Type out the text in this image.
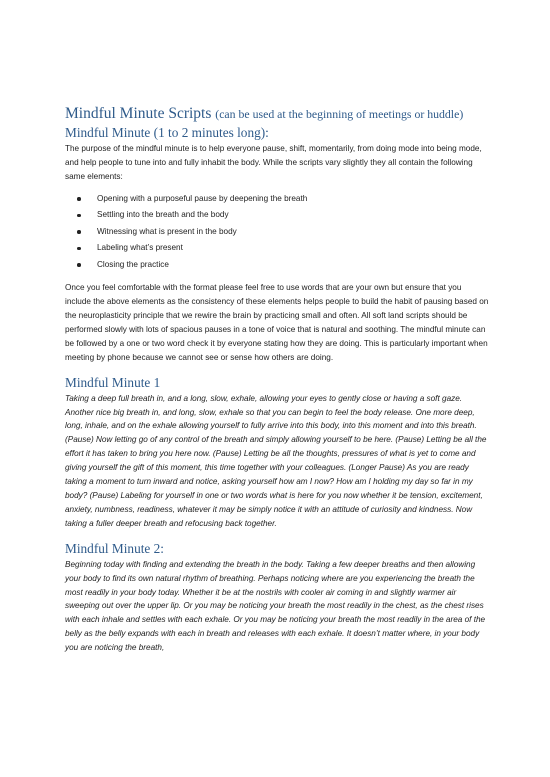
Mindful Minute Scripts (can be used at the beginning of meetings or huddle)
Mindful Minute (1 to 2 minutes long):

The purpose of the mindful minute is to help everyone pause, shift, momentarily, from doing mode into being mode, and help people to tune into and fully inhabit the body. While the scripts vary slightly they all contain the following same elements:

Opening with a purposeful pause by deepening the breath
Settling into the breath and the body
Witnessing what is present in the body
Labeling what’s present
Closing the practice

Once you feel comfortable with the format please feel free to use words that are your own but ensure that you include the above elements as the consistency of these elements helps people to build the habit of pausing based on the neuroplasticity principle that we rewire the brain by practicing small and often. All soft land scripts should be performed slowly with lots of spacious pauses in a tone of voice that is natural and soothing. The mindful minute can be followed by a one or two word check it by everyone stating how they are doing. This is particularly important when meeting by phone because we cannot see or sense how others are doing.

Mindful Minute 1

Taking a deep full breath in, and a long, slow, exhale, allowing your eyes to gently close or having a soft gaze. Another nice big breath in, and long, slow, exhale so that you can begin to feel the body release. One more deep, long, inhale, and on the exhale allowing yourself to fully arrive into this body, into this moment and into this breath. (Pause) Now letting go of any control of the breath and simply allowing yourself to be here. (Pause) Letting be all the effort it has taken to bring you here now. (Pause) Letting be all the thoughts, pressures of what is yet to come and giving yourself the gift of this moment, this time together with your colleagues. (Longer Pause) As you are ready taking a moment to turn inward and notice, asking yourself how am I now? How am I holding my day so far in my body? (Pause) Labeling for yourself in one or two words what is here for you now whether it be tension, excitement, anxiety, numbness, readiness, whatever it may be simply notice it with an attitude of curiosity and kindness. Now taking a fuller deeper breath and refocusing back together.

Mindful Minute 2:

Beginning today with finding and extending the breath in the body. Taking a few deeper breaths and then allowing your body to find its own natural rhythm of breathing. Perhaps noticing where are you experiencing the breath the most readily in your body today. Whether it be at the nostrils with cooler air coming in and slightly warmer air sweeping out over the upper lip. Or you may be noticing your breath the most readily in the chest, as the chest rises with each inhale and settles with each exhale. Or you may be noticing your breath the most readily in the area of the belly as the belly expands with each in breath and releases with each exhale. It doesn’t matter where, in your body you are noticing the breath,
